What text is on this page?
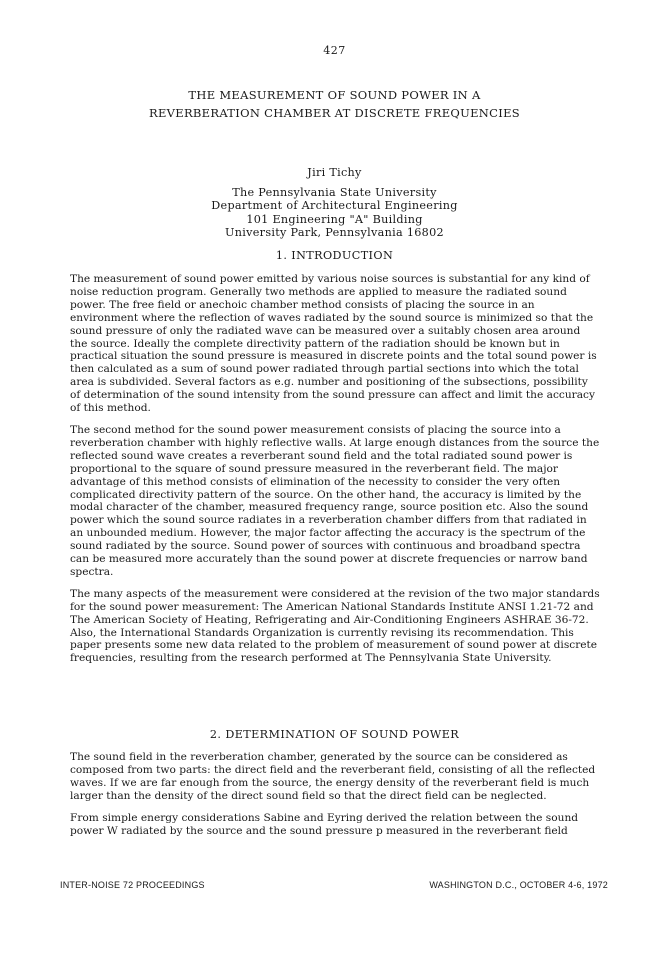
427
THE MEASUREMENT OF SOUND POWER IN A
REVERBERATION CHAMBER AT DISCRETE FREQUENCIES
Jiri Tichy
The Pennsylvania State University
Department of Architectural Engineering
101 Engineering "A" Building
University Park, Pennsylvania 16802
1. INTRODUCTION

The measurement of sound power emitted by various noise sources is substantial for any kind of noise reduction program. Generally two methods are applied to measure the radiated sound power. The free field or anechoic chamber method consists of placing the source in an environment where the reflection of waves radiated by the sound source is minimized so that the sound pressure of only the radiated wave can be measured over a suitably chosen area around the source. Ideally the complete directivity pattern of the radiation should be known but in practical situation the sound pressure is measured in discrete points and the total sound power is then calculated as a sum of sound power radiated through partial sections into which the total area is subdivided. Several factors as e.g. number and positioning of the subsections, possibility of determination of the sound intensity from the sound pressure can affect and limit the accuracy of this method.

The second method for the sound power measurement consists of placing the source into a reverberation chamber with highly reflective walls. At large enough distances from the source the reflected sound wave creates a reverberant sound field and the total radiated sound power is proportional to the square of sound pressure measured in the reverberant field. The major advantage of this method consists of elimination of the necessity to consider the very often complicated directivity pattern of the source. On the other hand, the accuracy is limited by the modal character of the chamber, measured frequency range, source position etc. Also the sound power which the sound source radiates in a reverberation chamber differs from that radiated in an unbounded medium. However, the major factor affecting the accuracy is the spectrum of the sound radiated by the source. Sound power of sources with continuous and broadband spectra can be measured more accurately than the sound power at discrete frequencies or narrow band spectra.

The many aspects of the measurement were considered at the revision of the two major standards for the sound power measurement: The American National Standards Institute ANSI 1.21-72 and The American Society of Heating, Refrigerating and Air-Conditioning Engineers ASHRAE 36-72. Also, the International Standards Organization is currently revising its recommendation. This paper presents some new data related to the problem of measurement of sound power at discrete frequencies, resulting from the research performed at The Pennsylvania State University.

2. DETERMINATION OF SOUND POWER

The sound field in the reverberation chamber, generated by the source can be considered as composed from two parts: the direct field and the reverberant field, consisting of all the reflected waves. If we are far enough from the source, the energy density of the reverberant field is much larger than the density of the direct sound field so that the direct field can be neglected.

From simple energy considerations Sabine and Eyring derived the relation between the sound power W radiated by the source and the sound pressure p measured in the reverberant field

INTER-NOISE 72 PROCEEDINGS	WASHINGTON D.C., OCTOBER 4-6, 1972
